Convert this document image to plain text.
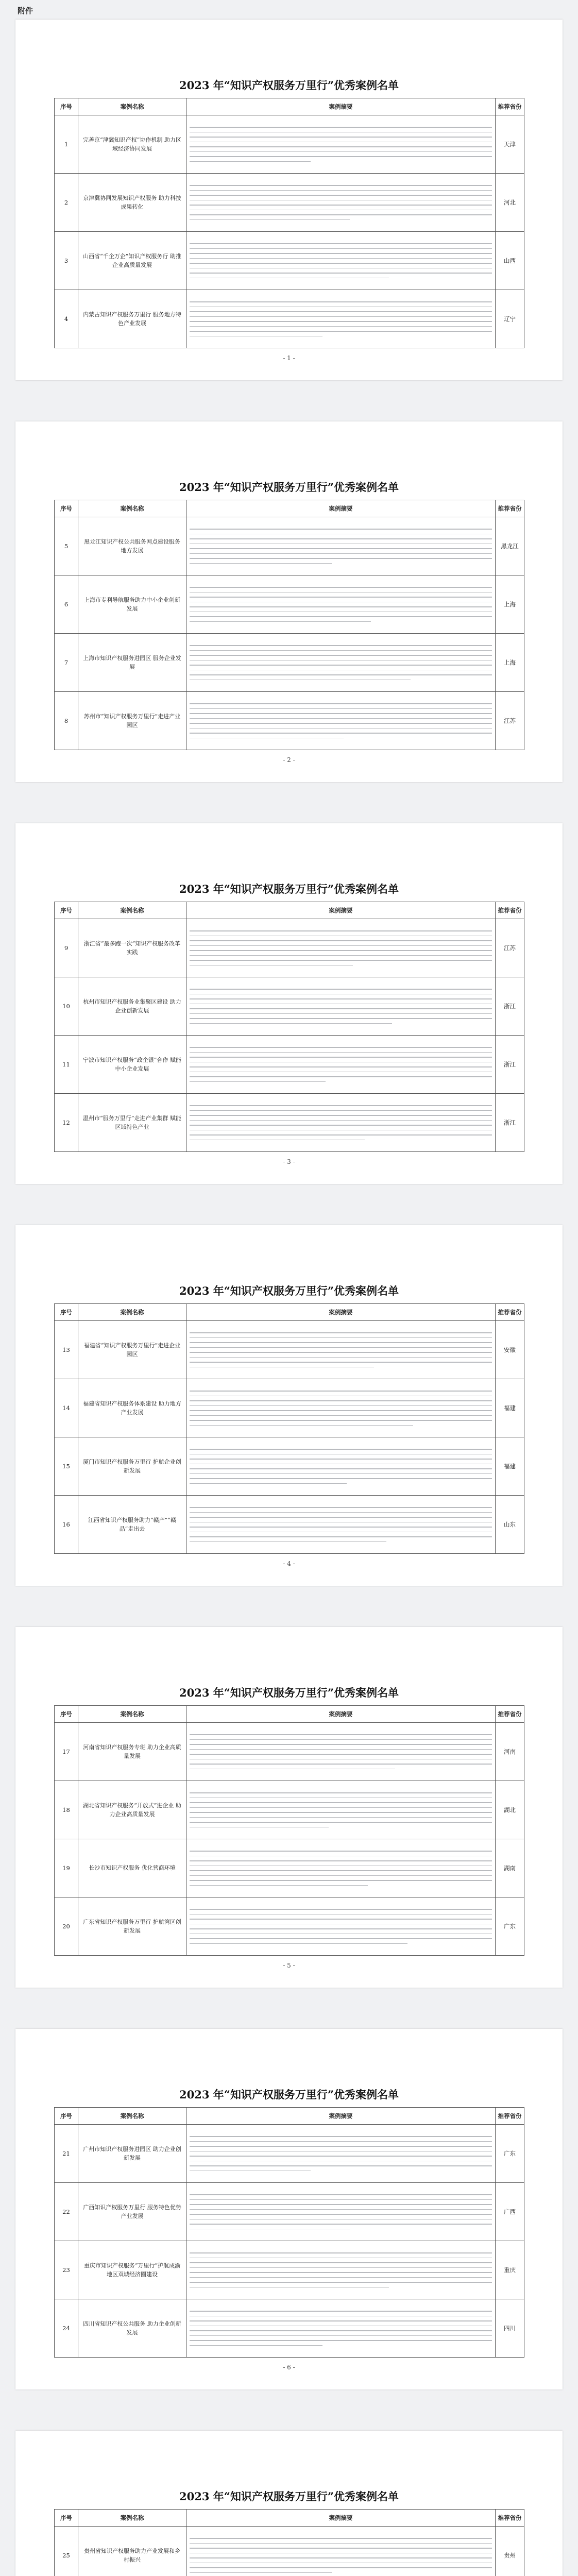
附件
2023 年“知识产权服务万里行”优秀案例名单
序号	案例名称	案例摘要	推荐省份
1	完善京“津冀知识产权”协作机制 助力区域经济协同发展		天津
2	京津冀协同发展知识产权服务 助力科技成果转化		河北
3	山西省“千企万企”知识产权服务行 助推企业高质量发展		山西
4	内蒙古知识产权服务万里行 服务地方特色产业发展		辽宁
- 1 -
2023 年“知识产权服务万里行”优秀案例名单
序号	案例名称	案例摘要	推荐省份
5	黑龙江知识产权公共服务网点建设服务地方发展		黑龙江
6	上海市专利导航服务助力中小企业创新发展		上海
7	上海市知识产权服务进园区 服务企业发展		上海
8	苏州市“知识产权服务万里行”走进产业园区		江苏
- 2 -
2023 年“知识产权服务万里行”优秀案例名单
序号	案例名称	案例摘要	推荐省份
9	浙江省“最多跑一次”知识产权服务改革实践		江苏
10	杭州市知识产权服务业集聚区建设 助力企业创新发展		浙江
11	宁波市知识产权服务“政企银”合作 赋能中小企业发展		浙江
12	温州市“服务万里行”走进产业集群 赋能区域特色产业		浙江
- 3 -
2023 年“知识产权服务万里行”优秀案例名单
序号	案例名称	案例摘要	推荐省份
13	福建省“知识产权服务万里行”走进企业园区		安徽
14	福建省知识产权服务体系建设 助力地方产业发展		福建
15	厦门市知识产权服务万里行 护航企业创新发展		福建
16	江西省知识产权服务助力“赣产”“赣品”走出去		山东
- 4 -
2023 年“知识产权服务万里行”优秀案例名单
序号	案例名称	案例摘要	推荐省份
17	河南省知识产权服务专班 助力企业高质量发展		河南
18	湖北省知识产权服务“开放式”进企业 助力企业高质量发展		湖北
19	长沙市知识产权服务 优化营商环境		湖南
20	广东省知识产权服务万里行 护航湾区创新发展		广东
- 5 -
2023 年“知识产权服务万里行”优秀案例名单
序号	案例名称	案例摘要	推荐省份
21	广州市知识产权服务进园区 助力企业创新发展		广东
22	广西知识产权服务万里行 服务特色优势产业发展		广西
23	重庆市知识产权服务“万里行”护航成渝地区双城经济圈建设		重庆
24	四川省知识产权公共服务 助力企业创新发展		四川
- 6 -
2023 年“知识产权服务万里行”优秀案例名单
序号	案例名称	案例摘要	推荐省份
25	贵州省知识产权服务助力产业发展和乡村振兴		贵州
